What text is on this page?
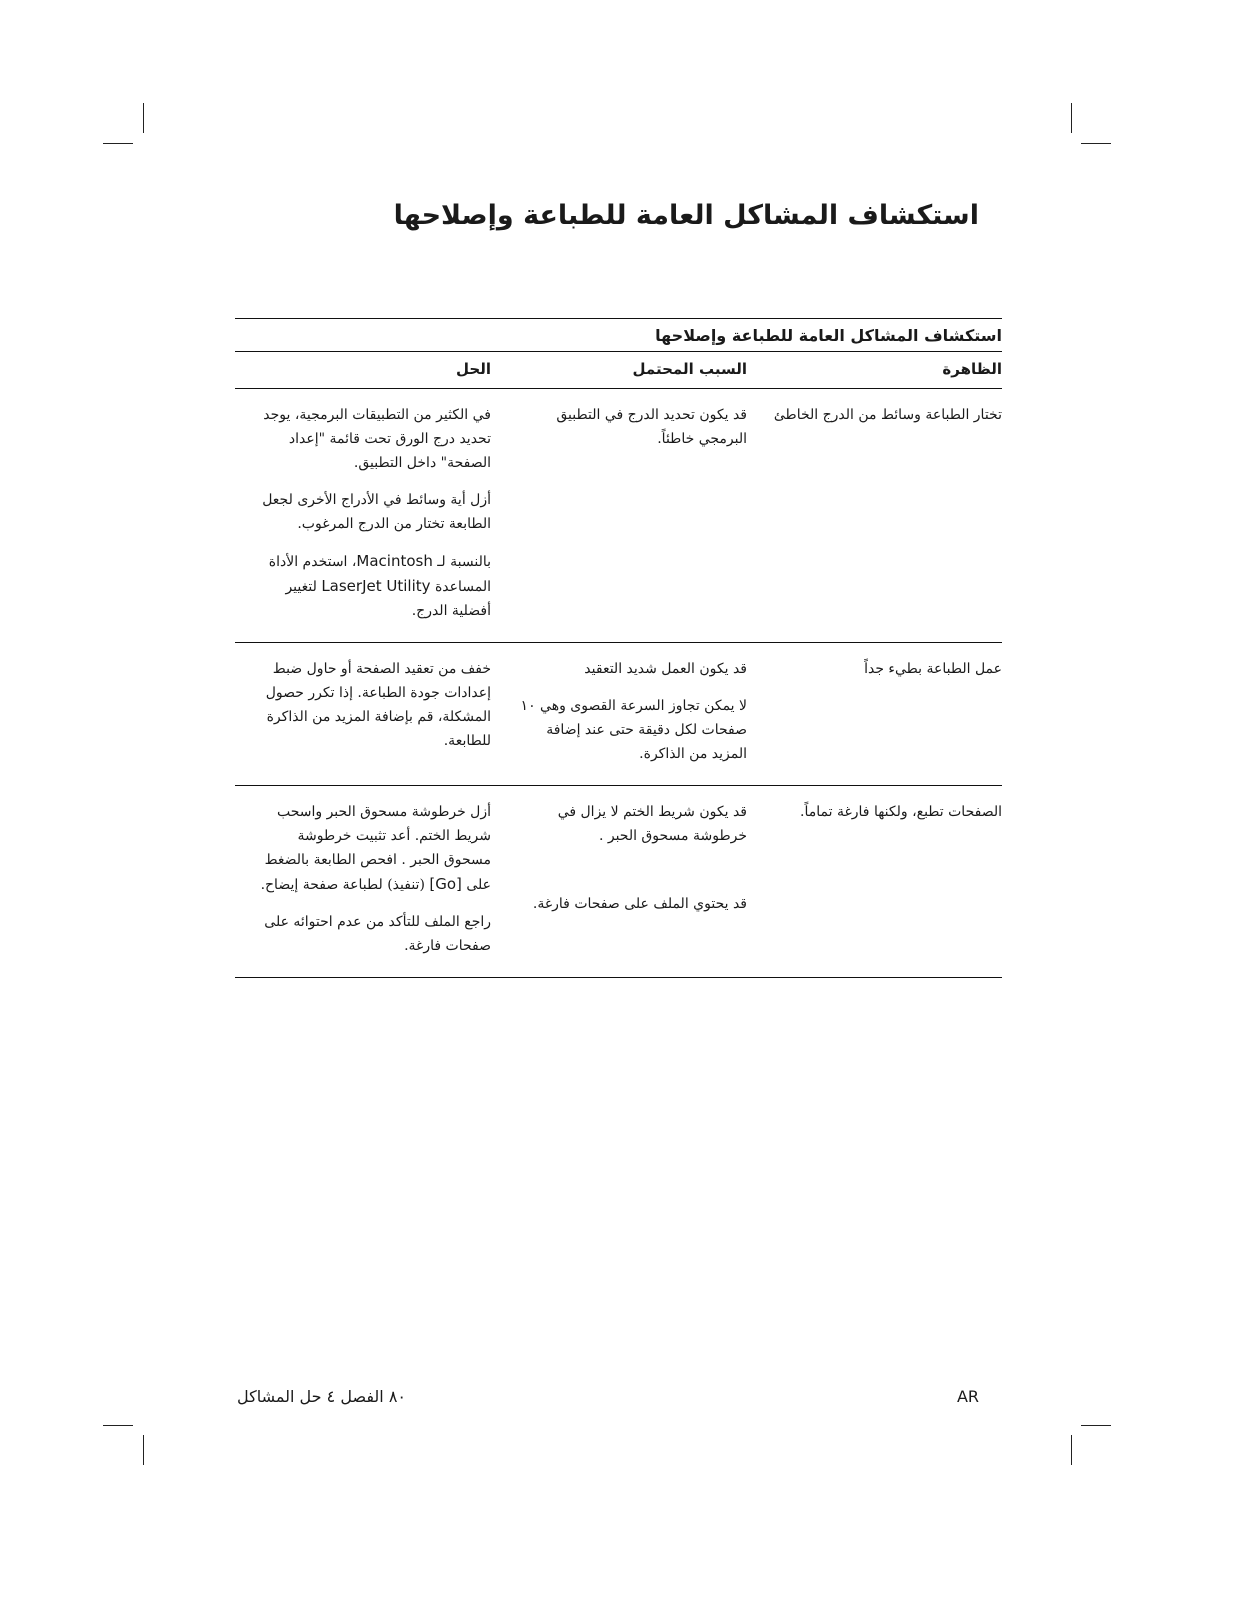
استكشاف المشاكل العامة للطباعة وإصلاحها
استكشاف المشاكل العامة للطباعة وإصلاحها
الظاهرة
السبب المحتمل
الحل

تختار الطباعة وسائط من الدرج الخاطئ

قد يكون تحديد الدرج في التطبيق البرمجي خاطئاً.

في الكثير من التطبيقات البرمجية، يوجد تحديد درج الورق تحت قائمة "إعداد الصفحة" داخل التطبيق.

أزل أية وسائط في الأدراج الأخرى لجعل الطابعة تختار من الدرج المرغوب.

بالنسبة لـ Macintosh، استخدم الأداة المساعدة LaserJet Utility لتغيير أفضلية الدرج.

عمل الطباعة بطيء جداً

قد يكون العمل شديد التعقيد

لا يمكن تجاوز السرعة القصوى وهي ١٠ صفحات لكل دقيقة حتى عند إضافة المزيد من الذاكرة.

خفف من تعقيد الصفحة أو حاول ضبط إعدادات جودة الطباعة. إذا تكرر حصول المشكلة، قم بإضافة المزيد من الذاكرة للطابعة.

الصفحات تطبع، ولكنها فارغة تماماً.

قد يكون شريط الختم لا يزال في خرطوشة مسحوق الحبر .

قد يحتوي الملف على صفحات فارغة.

أزل خرطوشة مسحوق الحبر واسحب شريط الختم. أعد تثبيت خرطوشة مسحوق الحبر . افحص الطابعة بالضغط على [Go] (تنفيذ) لطباعة صفحة إيضاح.

راجع الملف للتأكد من عدم احتوائه على صفحات فارغة.

٨٠ الفصل ٤ حل المشاكل	AR
